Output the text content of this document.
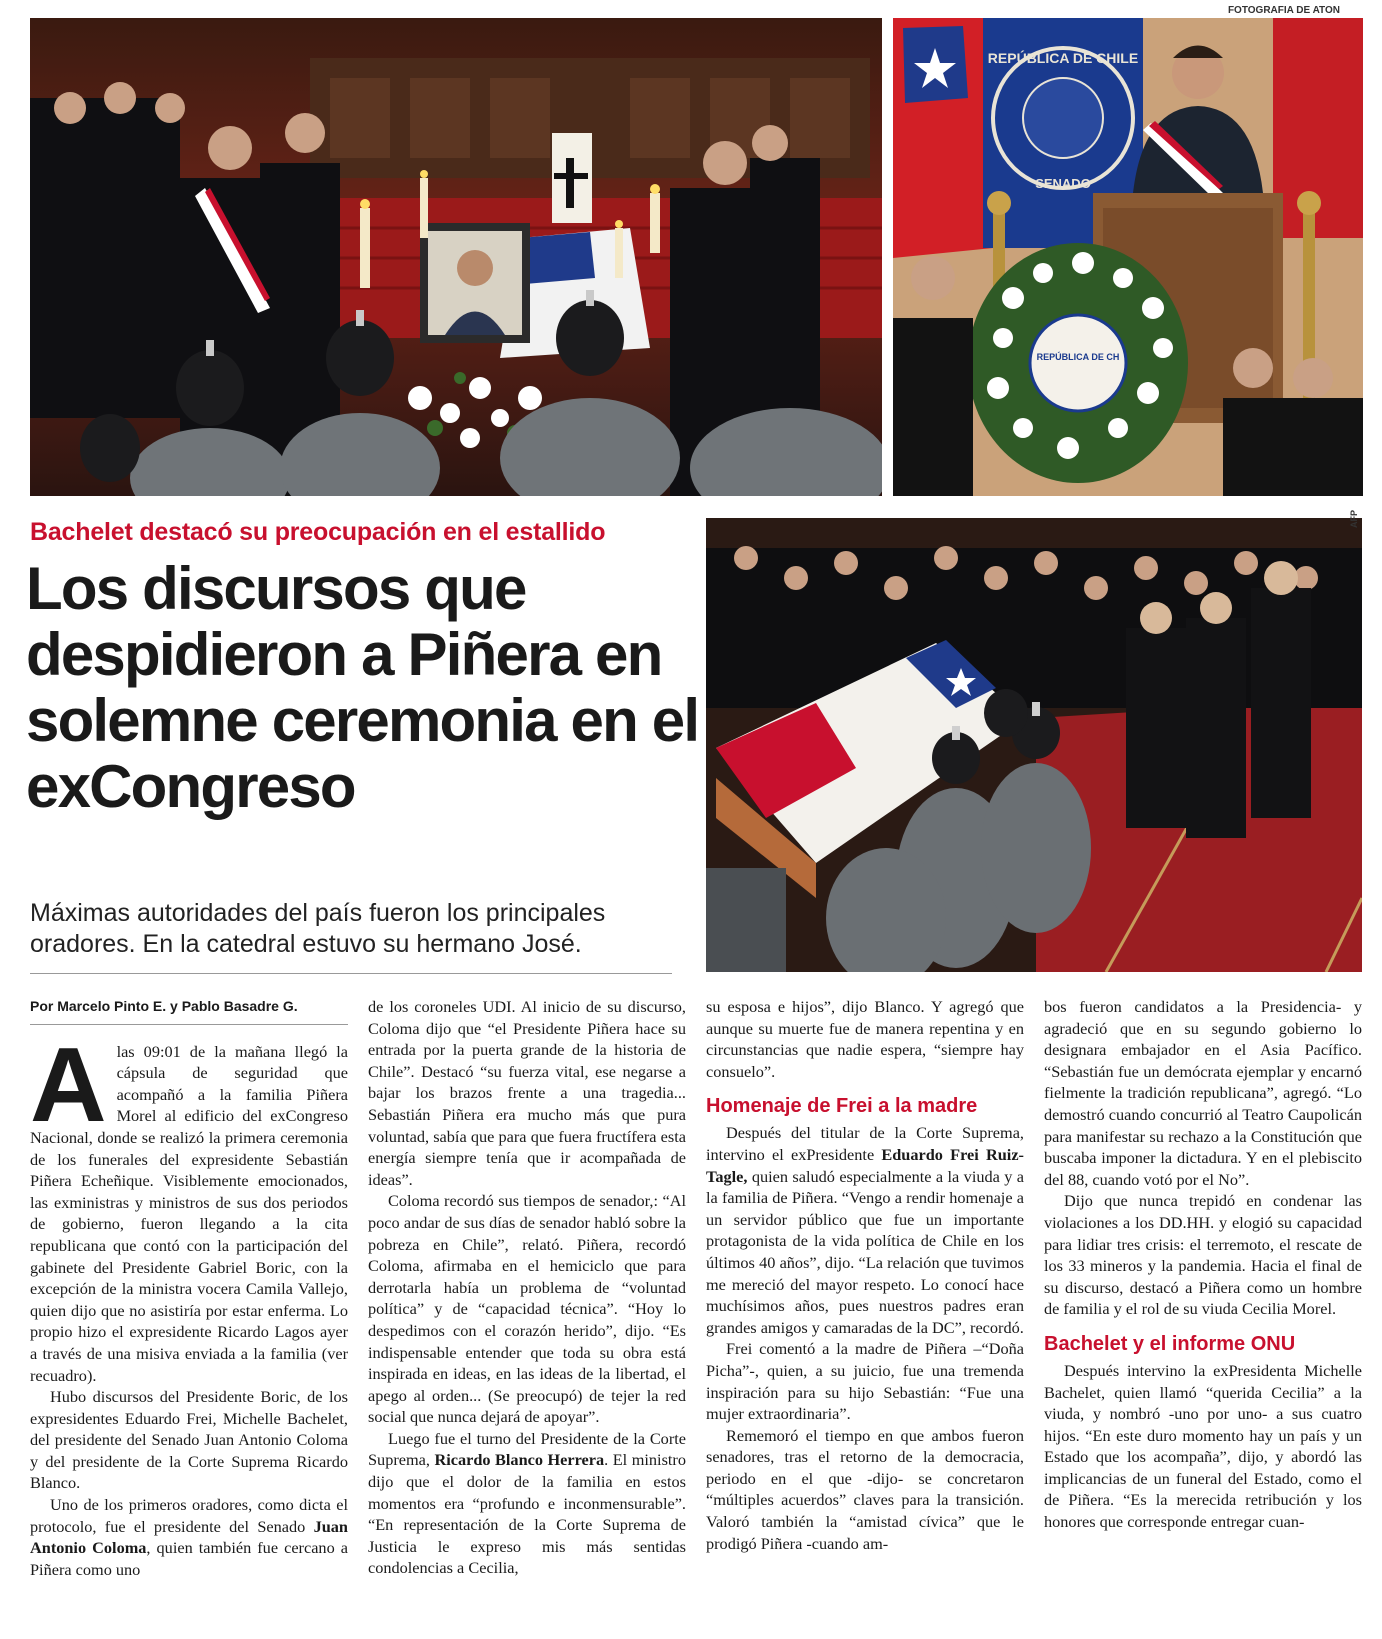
FOTOGRAFIA DE ATON
REPÚBLICA DE CHILE
SENADO
REPÚBLICA DE CH
AFP
Bachelet destacó su preocupación en el estallido
Los discursos que despidieron a Piñera en solemne ceremonia en el exCongreso
Máximas autoridades del país fueron los principales oradores. En la catedral estuvo su hermano José.
Por Marcelo Pinto E. y Pablo Basadre G.

Alas 09:01 de la mañana llegó la cápsula de seguridad que acompañó a la familia Piñera Morel al edificio del exCongreso Nacional, donde se realizó la primera ceremonia de los funerales del expresidente Sebastián Piñera Echeñique. Visiblemente emocionados, las exministras y ministros de sus dos periodos de gobierno, fueron llegando a la cita republicana que contó con la participación del gabinete del Presidente Gabriel Boric, con la excepción de la ministra vocera Camila Vallejo, quien dijo que no asistiría por estar enferma. Lo propio hizo el expresidente Ricardo Lagos ayer a través de una misiva enviada a la familia (ver recuadro).

Hubo discursos del Presidente Boric, de los expresidentes Eduardo Frei, Michelle Bachelet, del presidente del Senado Juan Antonio Coloma y del presidente de la Corte Suprema Ricardo Blanco.

Uno de los primeros oradores, como dicta el protocolo, fue el presidente del Senado Juan Antonio Coloma, quien también fue cercano a Piñera como uno

de los coroneles UDI. Al inicio de su discurso, Coloma dijo que “el Presidente Piñera hace su entrada por la puerta grande de la historia de Chile”. Destacó “su fuerza vital, ese negarse a bajar los brazos frente a una tragedia... Sebastián Piñera era mucho más que pura voluntad, sabía que para que fuera fructífera esta energía siempre tenía que ir acompañada de ideas”.

Coloma recordó sus tiempos de senador,: “Al poco andar de sus días de senador habló sobre la pobreza en Chile”, relató. Piñera, recordó Coloma, afirmaba en el hemiciclo que para derrotarla había un problema de “voluntad política” y de “capacidad técnica”. “Hoy lo despedimos con el corazón herido”, dijo. “Es indispensable entender que toda su obra está inspirada en ideas, en las ideas de la libertad, el apego al orden... (Se preocupó) de tejer la red social que nunca dejará de apoyar”.

Luego fue el turno del Presidente de la Corte Suprema, Ricardo Blanco Herrera. El ministro dijo que el dolor de la familia en estos momentos era “profundo e inconmensurable”. “En representación de la Corte Suprema de Justicia le expreso mis más sentidas condolencias a Cecilia,

su esposa e hijos”, dijo Blanco. Y agregó que aunque su muerte fue de manera repentina y en circunstancias que nadie espera, “siempre hay consuelo”.

Homenaje de Frei a la madre

Después del titular de la Corte Suprema, intervino el exPresidente Eduardo Frei Ruiz-Tagle, quien saludó especialmente a la viuda y a la familia de Piñera. “Vengo a rendir homenaje a un servidor público que fue un importante protagonista de la vida política de Chile en los últimos 40 años”, dijo. “La relación que tuvimos me mereció del mayor respeto. Lo conocí hace muchísimos años, pues nuestros padres eran grandes amigos y camaradas de la DC”, recordó.

Frei comentó a la madre de Piñera –“Doña Picha”-, quien, a su juicio, fue una tremenda inspiración para su hijo Sebastián: “Fue una mujer extraordinaria”.

Rememoró el tiempo en que ambos fueron senadores, tras el retorno de la democracia, periodo en el que -dijo- se concretaron “múltiples acuerdos” claves para la transición. Valoró también la “amistad cívica” que le prodigó Piñera -cuando am-

bos fueron candidatos a la Presidencia- y agradeció que en su segundo gobierno lo designara embajador en el Asia Pacífico. “Sebastián fue un demócrata ejemplar y encarnó fielmente la tradición republicana”, agregó. “Lo demostró cuando concurrió al Teatro Caupolicán para manifestar su rechazo a la Constitución que buscaba imponer la dictadura. Y en el plebiscito del 88, cuando votó por el No”.

Dijo que nunca trepidó en condenar las violaciones a los DD.HH. y elogió su capacidad para lidiar tres crisis: el terremoto, el rescate de los 33 mineros y la pandemia. Hacia el final de su discurso, destacó a Piñera como un hombre de familia y el rol de su viuda Cecilia Morel.

Bachelet y el informe ONU

Después intervino la exPresidenta Michelle Bachelet, quien llamó “querida Cecilia” a la viuda, y nombró -uno por uno- a sus cuatro hijos. “En este duro momento hay un país y un Estado que los acompaña”, dijo, y abordó las implicancias de un funeral del Estado, como el de Piñera. “Es la merecida retribución y los honores que corresponde entregar cuan-
